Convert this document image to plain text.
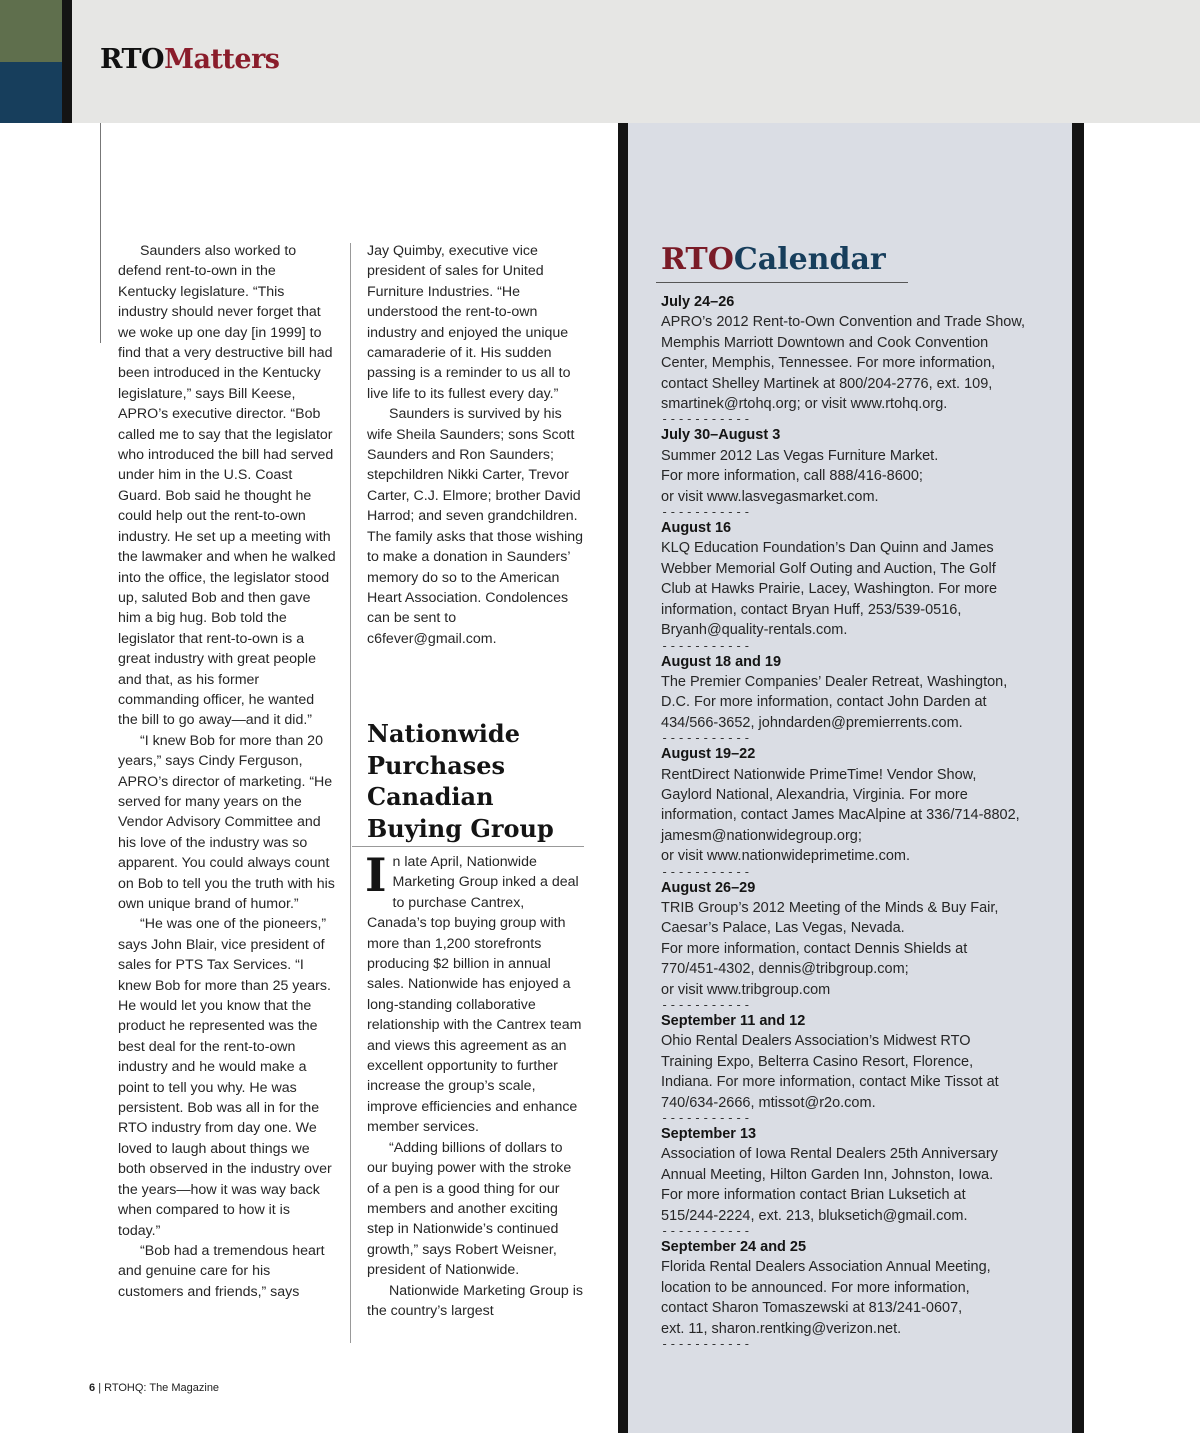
RTOMatters

Saunders also worked to defend rent-to-own in the Kentucky legislature. “This industry should never forget that we woke up one day [in 1999] to find that a very destructive bill had been introduced in the Kentucky legislature,” says Bill Keese, APRO’s executive director. “Bob called me to say that the legislator who introduced the bill had served under him in the U.S. Coast Guard. Bob said he thought he could help out the rent-to-own industry. He set up a meeting with the lawmaker and when he walked into the office, the legislator stood up, saluted Bob and then gave him a big hug. Bob told the legislator that rent-to-own is a great industry with great people and that, as his former commanding officer, he wanted the bill to go away—and it did.”

“I knew Bob for more than 20 years,” says Cindy Ferguson, APRO’s director of marketing. “He served for many years on the Vendor Advisory Committee and his love of the industry was so apparent. You could always count on Bob to tell you the truth with his own unique brand of humor.”

“He was one of the pioneers,” says John Blair, vice president of sales for PTS Tax Services. “I knew Bob for more than 25 years. He would let you know that the product he represented was the best deal for the rent-to-own industry and he would make a point to tell you why. He was persistent. Bob was all in for the RTO industry from day one. We loved to laugh about things we both observed in the industry over the years—how it was way back when compared to how it is today.”

“Bob had a tremendous heart and genuine care for his customers and friends,” says

Jay Quimby, executive vice president of sales for United Furniture Industries. “He understood the rent-to-own industry and enjoyed the unique camaraderie of it. His sudden passing is a reminder to us all to live life to its fullest every day.”

Saunders is survived by his wife Sheila Saunders; sons Scott Saunders and Ron Saunders; stepchildren Nikki Carter, Trevor Carter, C.J. Elmore; brother David Harrod; and seven grandchildren. The family asks that those wishing to make a donation in Saunders’ memory do so to the American Heart Association. Condolences can be sent to c6fever@gmail.com.

Nationwide Purchases Canadian Buying Group

In late April, Nationwide Marketing Group inked a deal to purchase Cantrex, Canada’s top buying group with more than 1,200 storefronts producing $2 billion in annual sales. Nationwide has enjoyed a long-standing collaborative relationship with the Cantrex team and views this agreement as an excellent opportunity to further increase the group’s scale, improve efficiencies and enhance member services.

“Adding billions of dollars to our buying power with the stroke of a pen is a good thing for our members and another exciting step in Nationwide’s continued growth,” says Robert Weisner, president of Nationwide.

Nationwide Marketing Group is the country’s largest

RTOCalendar
July 24–26
APRO’s 2012 Rent-to-Own Convention and Trade Show,
Memphis Marriott Downtown and Cook Convention
Center, Memphis, Tennessee. For more information,
contact Shelley Martinek at 800/204-2776, ext. 109,
smartinek@rtohq.org; or visit www.rtohq.org.
-----------
July 30–August 3
Summer 2012 Las Vegas Furniture Market.
For more information, call 888/416-8600;
or visit www.lasvegasmarket.com.
-----------
August 16
KLQ Education Foundation’s Dan Quinn and James
Webber Memorial Golf Outing and Auction, The Golf
Club at Hawks Prairie, Lacey, Washington. For more
information, contact Bryan Huff, 253/539-0516,
Bryanh@quality-rentals.com.
-----------
August 18 and 19
The Premier Companies’ Dealer Retreat, Washington,
D.C. For more information, contact John Darden at
434/566-3652, johndarden@premierrents.com.
-----------
August 19–22
RentDirect Nationwide PrimeTime! Vendor Show,
Gaylord National, Alexandria, Virginia. For more
information, contact James MacAlpine at 336/714-8802,
jamesm@nationwidegroup.org;
or visit www.nationwideprimetime.com.
-----------
August 26–29
TRIB Group’s 2012 Meeting of the Minds & Buy Fair,
Caesar’s Palace, Las Vegas, Nevada.
For more information, contact Dennis Shields at
770/451-4302, dennis@tribgroup.com;
or visit www.tribgroup.com
-----------
September 11 and 12
Ohio Rental Dealers Association’s Midwest RTO
Training Expo, Belterra Casino Resort, Florence,
Indiana. For more information, contact Mike Tissot at
740/634-2666, mtissot@r2o.com.
-----------
September 13
Association of Iowa Rental Dealers 25th Anniversary
Annual Meeting, Hilton Garden Inn, Johnston, Iowa.
For more information contact Brian Luksetich at
515/244-2224, ext. 213, bluksetich@gmail.com.
-----------
September 24 and 25
Florida Rental Dealers Association Annual Meeting,
location to be announced. For more information,
contact Sharon Tomaszewski at 813/241-0607,
ext. 11, sharon.rentking@verizon.net.
-----------
6 | RTOHQ: The Magazine
